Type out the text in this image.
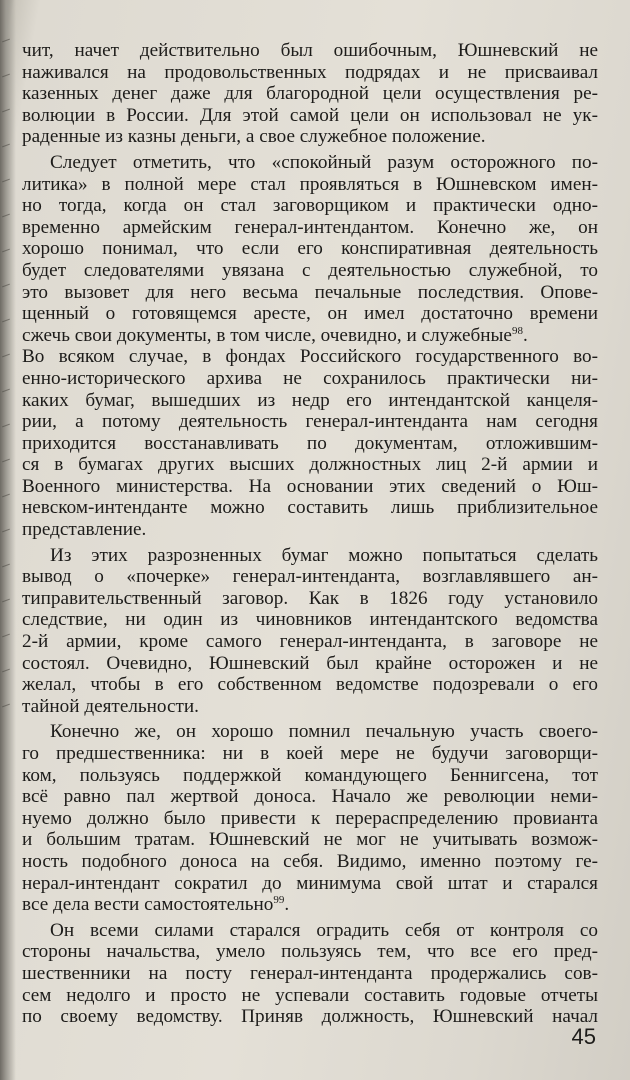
чит, начет действительно был ошибочным, Юшневский не
наживался на продовольственных подрядах и не присваивал
казенных денег даже для благородной цели осуществления ре-
волюции в России. Для этой самой цели он использовал не ук-
раденные из казны деньги, а свое служебное положение.
Следует отметить, что «спокойный разум осторожного по-
литика» в полной мере стал проявляться в Юшневском имен-
но тогда, когда он стал заговорщиком и практически одно-
временно армейским генерал-интендантом. Конечно же, он
хорошо понимал, что если его конспиративная деятельность
будет следователями увязана с деятельностью служебной, то
это вызовет для него весьма печальные последствия. Опове-
щенный о готовящемся аресте, он имел достаточно времени
сжечь свои документы, в том числе, очевидно, и служебные$^{98}$.
Во всяком случае, в фондах Российского государственного во-
енно-исторического архива не сохранилось практически ни-
каких бумаг, вышедших из недр его интендантской канцеля-
рии, а потому деятельность генерал-интенданта нам сегодня
приходится восстанавливать по документам, отложившим-
ся в бумагах других высших должностных лиц 2-й армии и
Военного министерства. На основании этих сведений о Юш-
невском-интенданте можно составить лишь приблизительное
представление.
Из этих разрозненных бумаг можно попытаться сделать
вывод о «почерке» генерал-интенданта, возглавлявшего ан-
типравительственный заговор. Как в 1826 году установило
следствие, ни один из чиновников интендантского ведомства
2-й армии, кроме самого генерал-интенданта, в заговоре не
состоял. Очевидно, Юшневский был крайне осторожен и не
желал, чтобы в его собственном ведомстве подозревали о его
тайной деятельности.
Конечно же, он хорошо помнил печальную участь своего-
го предшественника: ни в коей мере не будучи заговорщи-
ком, пользуясь поддержкой командующего Беннигсена, тот
всё равно пал жертвой доноса. Начало же революции неми-
нуемо должно было привести к перераспределению провианта
и большим тратам. Юшневский не мог не учитывать возмож-
ность подобного доноса на себя. Видимо, именно поэтому ге-
нерал-интендант сократил до минимума свой штат и старался
все дела вести самостоятельно$^{99}$.
Он всеми силами старался оградить себя от контроля со
стороны начальства, умело пользуясь тем, что все его пред-
шественники на посту генерал-интенданта продержались сов-
сем недолго и просто не успевали составить годовые отчеты
по своему ведомству. Приняв должность, Юшневский начал
45
